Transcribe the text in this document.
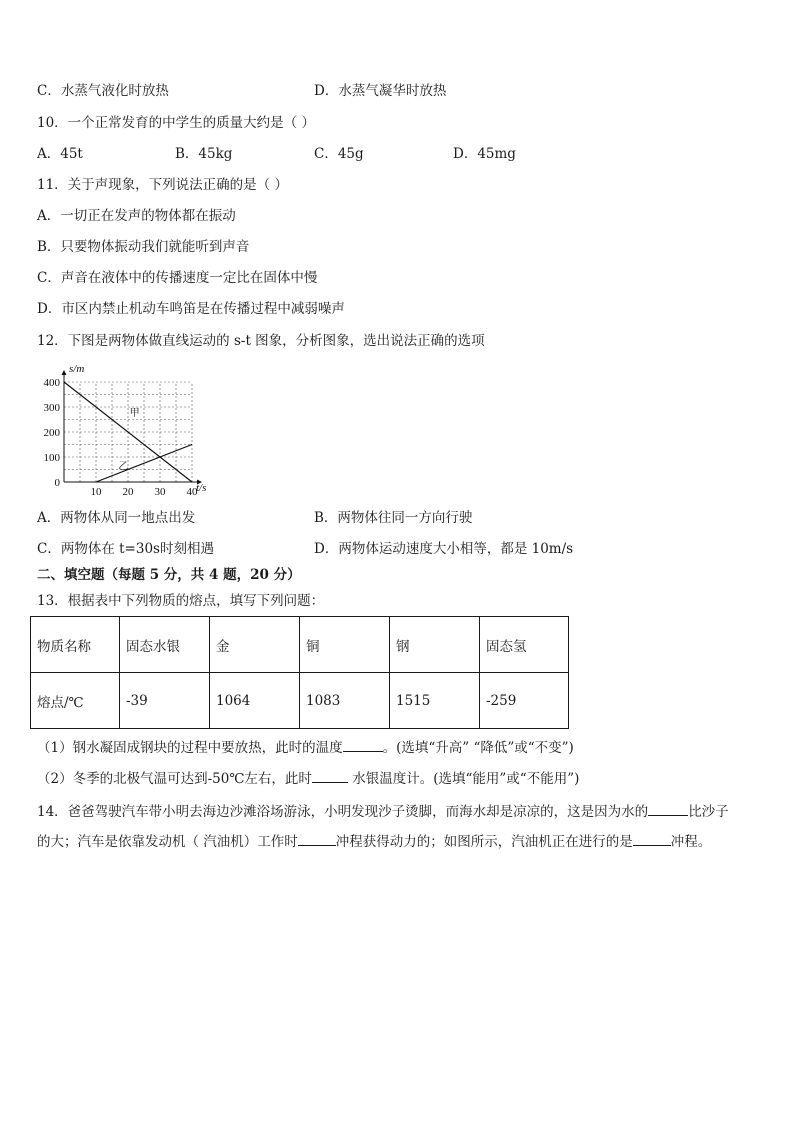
C．水蒸气液化时放热	D．水蒸气凝华时放热
10．一个正常发育的中学生的质量大约是（ ）
A．45t	B．45kg	C．45g	D．45mg
11．关于声现象，下列说法正确的是（ ）
A．一切正在发声的物体都在振动
B．只要物体振动我们就能听到声音
C．声音在液体中的传播速度一定比在固体中慢
D．市区内禁止机动车鸣笛是在传播过程中减弱噪声
12．下图是两物体做直线运动的 s-t 图象，分析图象，选出说法正确的选项
甲
乙
0
100
200
300
400
10 20 30 40
s/m
t/s
A．两物体从同一地点出发	B．两物体往同一方向行驶
C．两物体在 t=30s时刻相遇	D．两物体运动速度大小相等，都是 10m/s
二、填空题（每题 5 分，共 4 题，20 分）
13．根据表中下列物质的熔点，填写下列问题：
物质名称	固态水银	金	铜	钢	固态氢
熔点/℃	-39	1064	1083	1515	-259
（1）钢水凝固成钢块的过程中要放热，此时的温度	。(选填“升高” “降低”或“不变”)
（2）冬季的北极气温可达到-50℃左右，此时	水银温度计。(选填“能用”或“不能用”)
14．爸爸驾驶汽车带小明去海边沙滩浴场游泳，小明发现沙子烫脚，而海水却是凉凉的，这是因为水的	比沙子
的大；汽车是依靠发动机（ 汽油机）工作时	冲程获得动力的；如图所示，汽油机正在进行的是	冲程。
